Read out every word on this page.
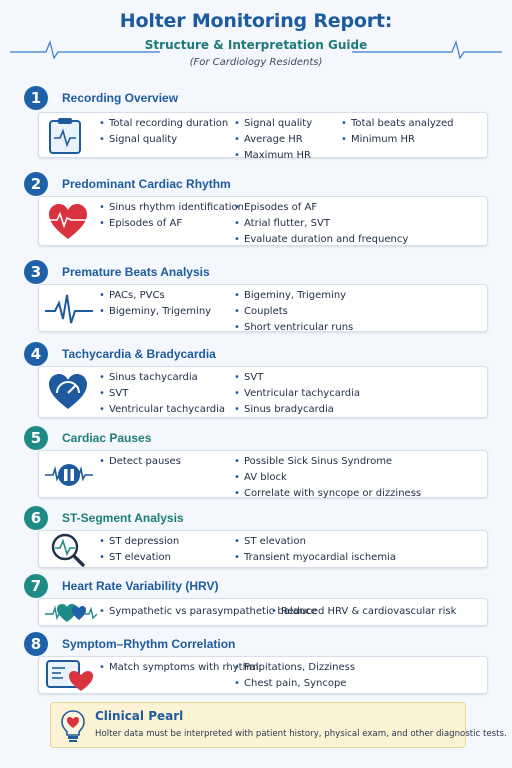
Holter Monitoring Report:
Structure & Interpretation Guide
(For Cardiology Residents)
1	Recording Overview
• Total recording duration
• Signal quality
• Signal quality
• Average HR
• Maximum HR
• Total beats analyzed
• Minimum HR
2	Predominant Cardiac Rhythm
• Sinus rhythm identification
• Episodes of AF
• Episodes of AF
• Atrial flutter, SVT
• Evaluate duration and frequency
3	Premature Beats Analysis
• PACs, PVCs
• Bigeminy, Trigeminy
• Bigeminy, Trigeminy
• Couplets
• Short ventricular runs
4	Tachycardia & Bradycardia
• Sinus tachycardia
• SVT
• Ventricular tachycardia
• SVT
• Ventricular tachycardia
• Sinus bradycardia
5	Cardiac Pauses
• Detect pauses
•	Possible Sick Sinus Syndrome
• AV block
• Correlate with syncope or dizziness
6	ST-Segment Analysis
• ST depression
• ST elevation
• ST elevation
• Transient myocardial ischemia
7	Heart Rate Variability (HRV)
• Sympathetic vs parasympathetic balance
• Reduced HRV & cardiovascular risk
8	Symptom–Rhythm Correlation
• Match symptoms with rhythm:
• Palpitations, Dizziness
• Chest pain, Syncope
Clinical Pearl
Holter data must be interpreted with patient history, physical exam, and other diagnostic tests.
